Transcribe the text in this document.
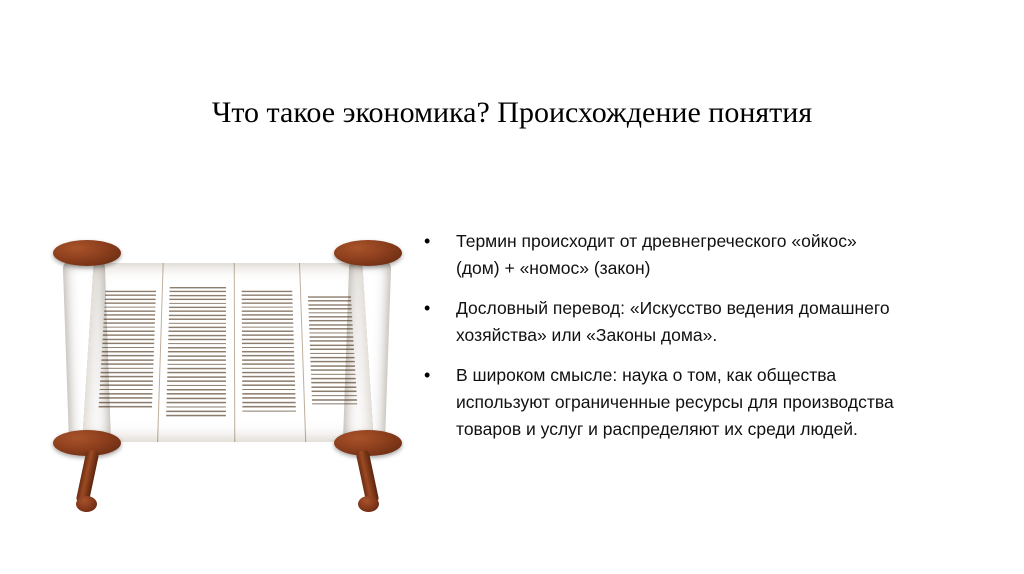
Что такое экономика? Происхождение понятия
•	Термин происходит от древнегреческого «ойкос» (дом) + «номос» (закон)
•	Дословный перевод: «Искусство ведения домашнего хозяйства» или «Законы дома».
•	В широком смысле: наука о том, как общества используют ограниченные ресурсы для производства товаров и услуг и распределяют их среди людей.
